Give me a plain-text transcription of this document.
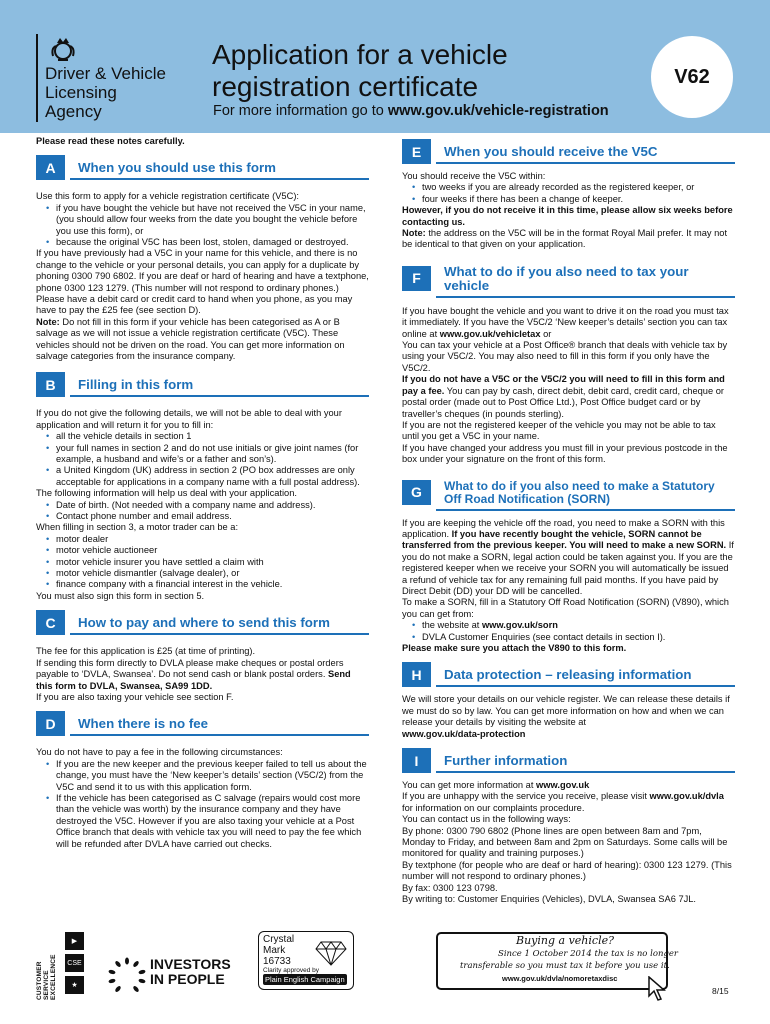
Driver & Vehicle
Licensing
Agency
Application for a vehicle
registration certificate
For more information go to www.gov.uk/vehicle-registration
V62

Please read these notes carefully.

A	When you should use this form

Use this form to apply for a vehicle registration certificate (V5C):

• if you have bought the vehicle but have not received the V5C in your name, (you should allow four weeks from the date you bought the vehicle before you use this form), or
• because the original V5C has been lost, stolen, damaged or destroyed.

If you have previously had a V5C in your name for this vehicle, and there is no change to the vehicle or your personal details, you can apply for a duplicate by phoning 0300 790 6802. If you are deaf or hard of hearing and have a textphone, phone 0300 123 1279. (This number will not respond to ordinary phones.) Please have a debit card or credit card to hand when you phone, as you may have to pay the £25 fee (see section D).

Note: Do not fill in this form if your vehicle has been categorised as A or B salvage as we will not issue a vehicle registration certificate (V5C). These vehicles should not be driven on the road. You can get more information on salvage categories from the insurance company.

B	Filling in this form

If you do not give the following details, we will not be able to deal with your application and will return it for you to fill in:

• all the vehicle details in section 1
• your full names in section 2 and do not use initials or give joint names (for example, a husband and wife’s or a father and son’s).
• a United Kingdom (UK) address in section 2 (PO box addresses are only acceptable for applications in a company name with a full postal address).

The following information will help us deal with your application.

• Date of birth. (Not needed with a company name and address).
• Contact phone number and email address.

When filling in section 3, a motor trader can be a:

• motor dealer
• motor vehicle auctioneer
• motor vehicle insurer you have settled a claim with
• motor vehicle dismantler (salvage dealer), or
• finance company with a financial interest in the vehicle.

You must also sign this form in section 5.

C	How to pay and where to send this form

The fee for this application is £25 (at time of printing).

If sending this form directly to DVLA please make cheques or postal orders payable to ‘DVLA, Swansea’. Do not send cash or blank postal orders. Send this form to DVLA, Swansea, SA99 1DD.

If you are also taxing your vehicle see section F.

D	When there is no fee

You do not have to pay a fee in the following circumstances:

• If you are the new keeper and the previous keeper failed to tell us about the change, you must have the ‘New keeper’s details’ section (V5C/2) from the V5C and send it to us with this application form.
• If the vehicle has been categorised as C salvage (repairs would cost more than the vehicle was worth) by the insurance company and they have destroyed the V5C. However if you are also taxing your vehicle at a Post Office branch that deals with vehicle tax you will need to pay the fee which will be refunded after DVLA have carried out checks.
E	When you should receive the V5C

You should receive the V5C within:

• two weeks if you are already recorded as the registered keeper, or
• four weeks if there has been a change of keeper.

However, if you do not receive it in this time, please allow six weeks before contacting us.

Note: the address on the V5C will be in the format Royal Mail prefer. It may not be identical to that given on your application.

F	What to do if you also need to tax your vehicle

If you have bought the vehicle and you want to drive it on the road you must tax it immediately. If you have the V5C/2 ‘New keeper’s details’ section you can tax online at www.gov.uk/vehicletax or

You can tax your vehicle at a Post Office® branch that deals with vehicle tax by using your V5C/2. You may also need to fill in this form if you only have the V5C/2.

If you do not have a V5C or the V5C/2 you will need to fill in this form and pay a fee. You can pay by cash, direct debit, debit card, credit card, cheque or postal order (made out to Post Office Ltd.), Post Office budget card or by traveller’s cheques (in pounds sterling).

If you are not the registered keeper of the vehicle you may not be able to tax until you get a V5C in your name.

If you have changed your address you must fill in your previous postcode in the box under your signature on the front of this form.

G	What to do if you also need to make a Statutory Off Road Notification (SORN)

If you are keeping the vehicle off the road, you need to make a SORN with this application. If you have recently bought the vehicle, SORN cannot be transferred from the previous keeper. You will need to make a new SORN. If you do not make a SORN, legal action could be taken against you. If you are the registered keeper when we receive your SORN you will automatically be issued a refund of vehicle tax for any remaining full paid months. If you have paid by Direct Debit (DD) your DD will be cancelled.

To make a SORN, fill in a Statutory Off Road Notification (SORN) (V890), which you can get from:

• the website at www.gov.uk/sorn
• DVLA Customer Enquiries (see contact details in section I).

Please make sure you attach the V890 to this form.

H	Data protection – releasing information

We will store your details on our vehicle register. We can release these details if we must do so by law. You can get more information on how and when we can release your details by visiting the website at

www.gov.uk/data-protection

I	Further information

You can get more information at www.gov.uk

If you are unhappy with the service you receive, please visit www.gov.uk/dvla for information on our complaints procedure.

You can contact us in the following ways:

By phone: 0300 790 6802 (Phone lines are open between 8am and 7pm, Monday to Friday, and between 8am and 2pm on Saturdays. Some calls will be monitored for quality and training purposes.)

By textphone (for people who are deaf or hard of hearing): 0300 123 1279. (This number will not respond to ordinary phones.)

By fax: 0300 123 0798.

By writing to: Customer Enquiries (Vehicles), DVLA, Swansea SA6 7JL.

CUSTOMER SERVICE EXCELLENCE
▶
CSE
★
INVESTORS
IN PEOPLE
Crystal
Mark
16733
Clarity approved by
Plain English Campaign
Buying a vehicle?
Since 1 October 2014 the tax is no longer
transferable so you must tax it before you use it.
www.gov.uk/dvla/nomoretaxdisc
8/15
